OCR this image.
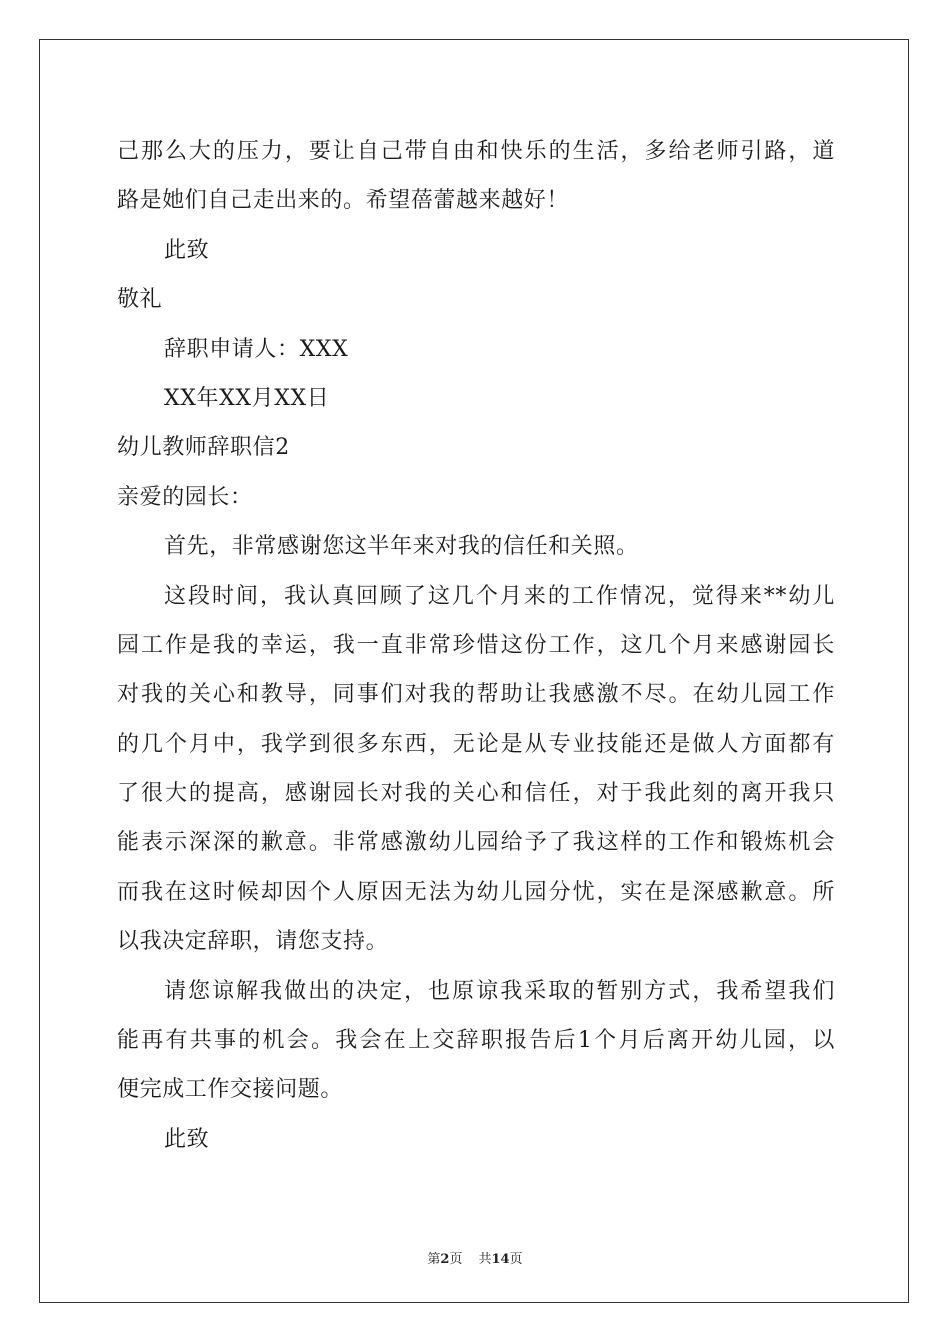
己那么大的压力，要让自己带自由和快乐的生活，多给老师引路，道
路是她们自己走出来的。希望蓓蕾越来越好！
此致
敬礼
辞职申请人：XXX
XX年XX月XX日
幼儿教师辞职信2
亲爱的园长：
首先，非常感谢您这半年来对我的信任和关照。
这段时间，我认真回顾了这几个月来的工作情况，觉得来**幼儿
园工作是我的幸运，我一直非常珍惜这份工作，这几个月来感谢园长
对我的关心和教导，同事们对我的帮助让我感激不尽。在幼儿园工作
的几个月中，我学到很多东西，无论是从专业技能还是做人方面都有
了很大的提高，感谢园长对我的关心和信任，对于我此刻的离开我只
能表示深深的歉意。非常感激幼儿园给予了我这样的工作和锻炼机会
而我在这时候却因个人原因无法为幼儿园分忧，实在是深感歉意。所
以我决定辞职，请您支持。
请您谅解我做出的决定，也原谅我采取的暂别方式，我希望我们
能再有共事的机会。我会在上交辞职报告后1个月后离开幼儿园，以
便完成工作交接问题。
此致
第2页 共14页
